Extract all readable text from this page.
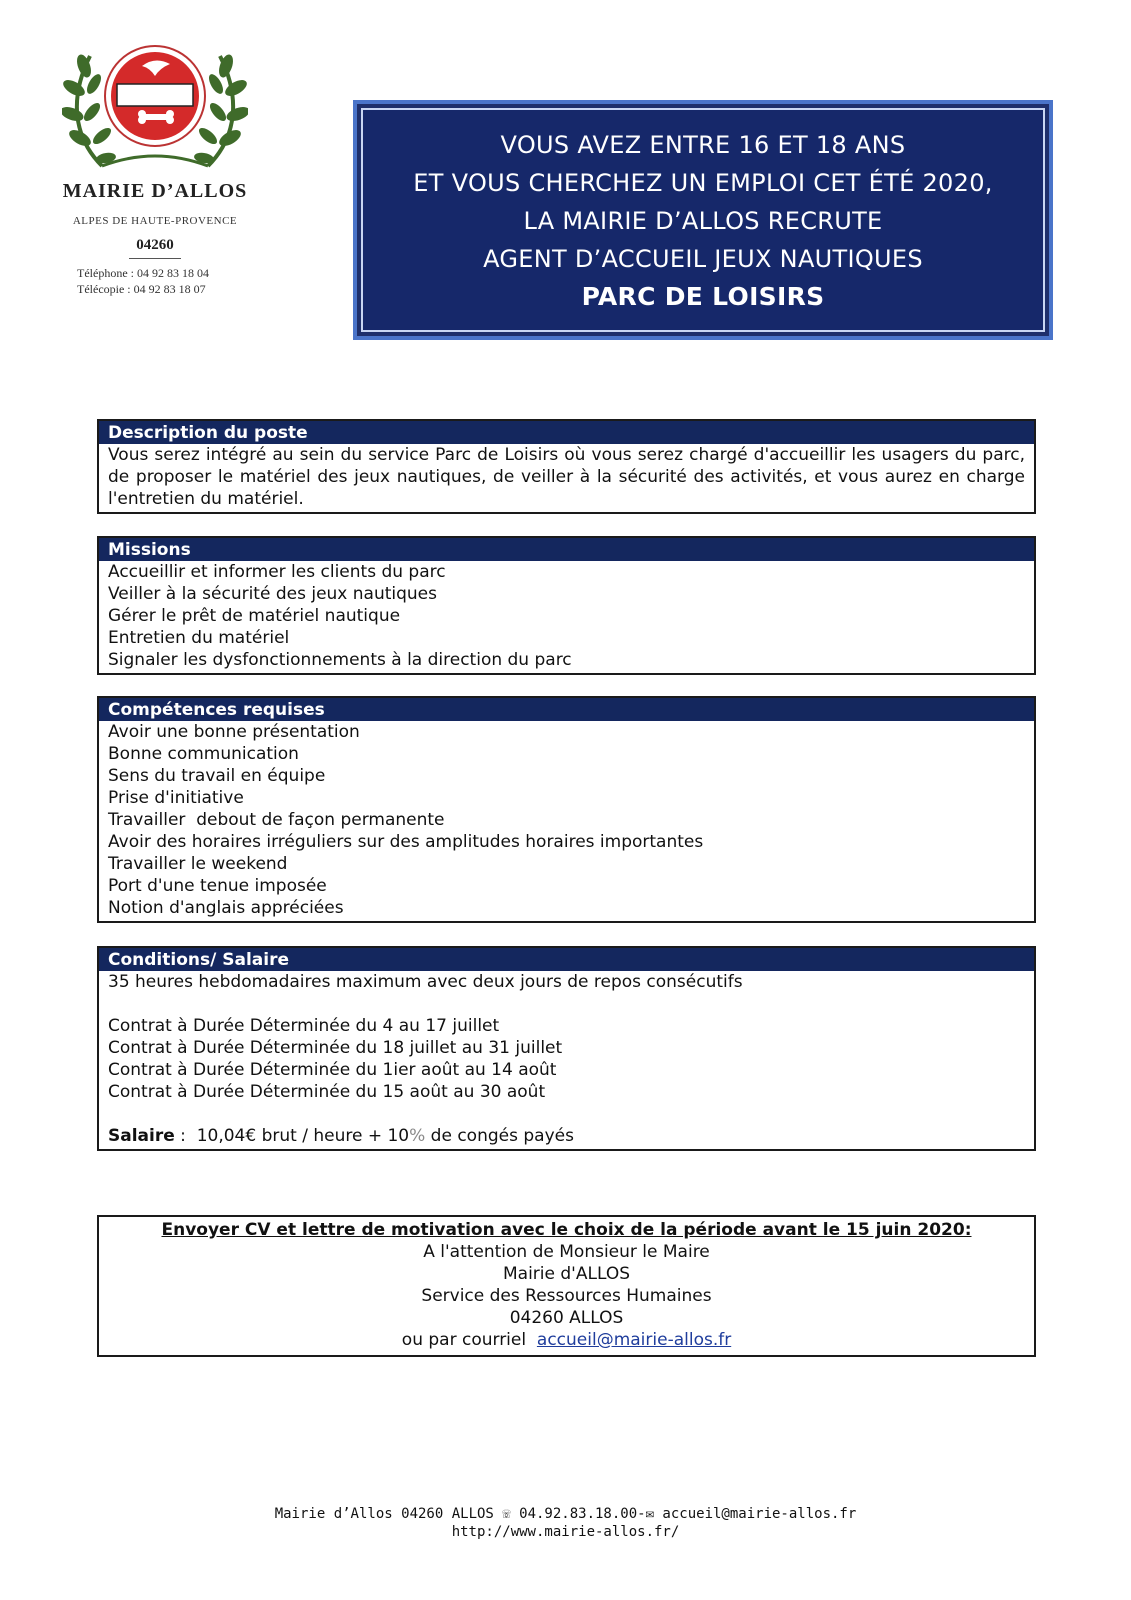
MAIRIE D’ALLOS
ALPES DE HAUTE-PROVENCE
04260
Téléphone : 04 92 83 18 04
Télécopie : 04 92 83 18 07
VOUS AVEZ ENTRE 16 ET 18 ANS
ET VOUS CHERCHEZ UN EMPLOI CET ÉTÉ 2020,
LA MAIRIE D’ALLOS RECRUTE
AGENT D’ACCUEIL JEUX NAUTIQUES
PARC DE LOISIRS
Description du poste
Vous serez intégré au sein du service Parc de Loisirs où vous serez chargé d'accueillir les usagers du parc, de proposer le matériel des jeux nautiques, de veiller à la sécurité des activités, et vous aurez en charge l'entretien du matériel.
Missions
Accueillir et informer les clients du parc
Veiller à la sécurité des jeux nautiques
Gérer le prêt de matériel nautique
Entretien du matériel
Signaler les dysfonctionnements à la direction du parc
Compétences requises
Avoir une bonne présentation
Bonne communication
Sens du travail en équipe
Prise d'initiative
Travailler  debout de façon permanente
Avoir des horaires irréguliers sur des amplitudes horaires importantes
Travailler le weekend
Port d'une tenue imposée
Notion d'anglais appréciées
Conditions/ Salaire
35 heures hebdomadaires maximum avec deux jours de repos consécutifs
Contrat à Durée Déterminée du 4 au 17 juillet
Contrat à Durée Déterminée du 18 juillet au 31 juillet
Contrat à Durée Déterminée du 1ier août au 14 août
Contrat à Durée Déterminée du 15 août au 30 août
Salaire :  10,04€ brut / heure + 10% de congés payés
Envoyer CV et lettre de motivation avec le choix de la période avant le 15 juin 2020:
A l'attention de Monsieur le Maire
Mairie d'ALLOS
Service des Ressources Humaines
04260 ALLOS
ou par courriel  accueil@mairie-allos.fr
Mairie d’Allos 04260 ALLOS ☏ 04.92.83.18.00-✉ accueil@mairie-allos.fr
http://www.mairie-allos.fr/
